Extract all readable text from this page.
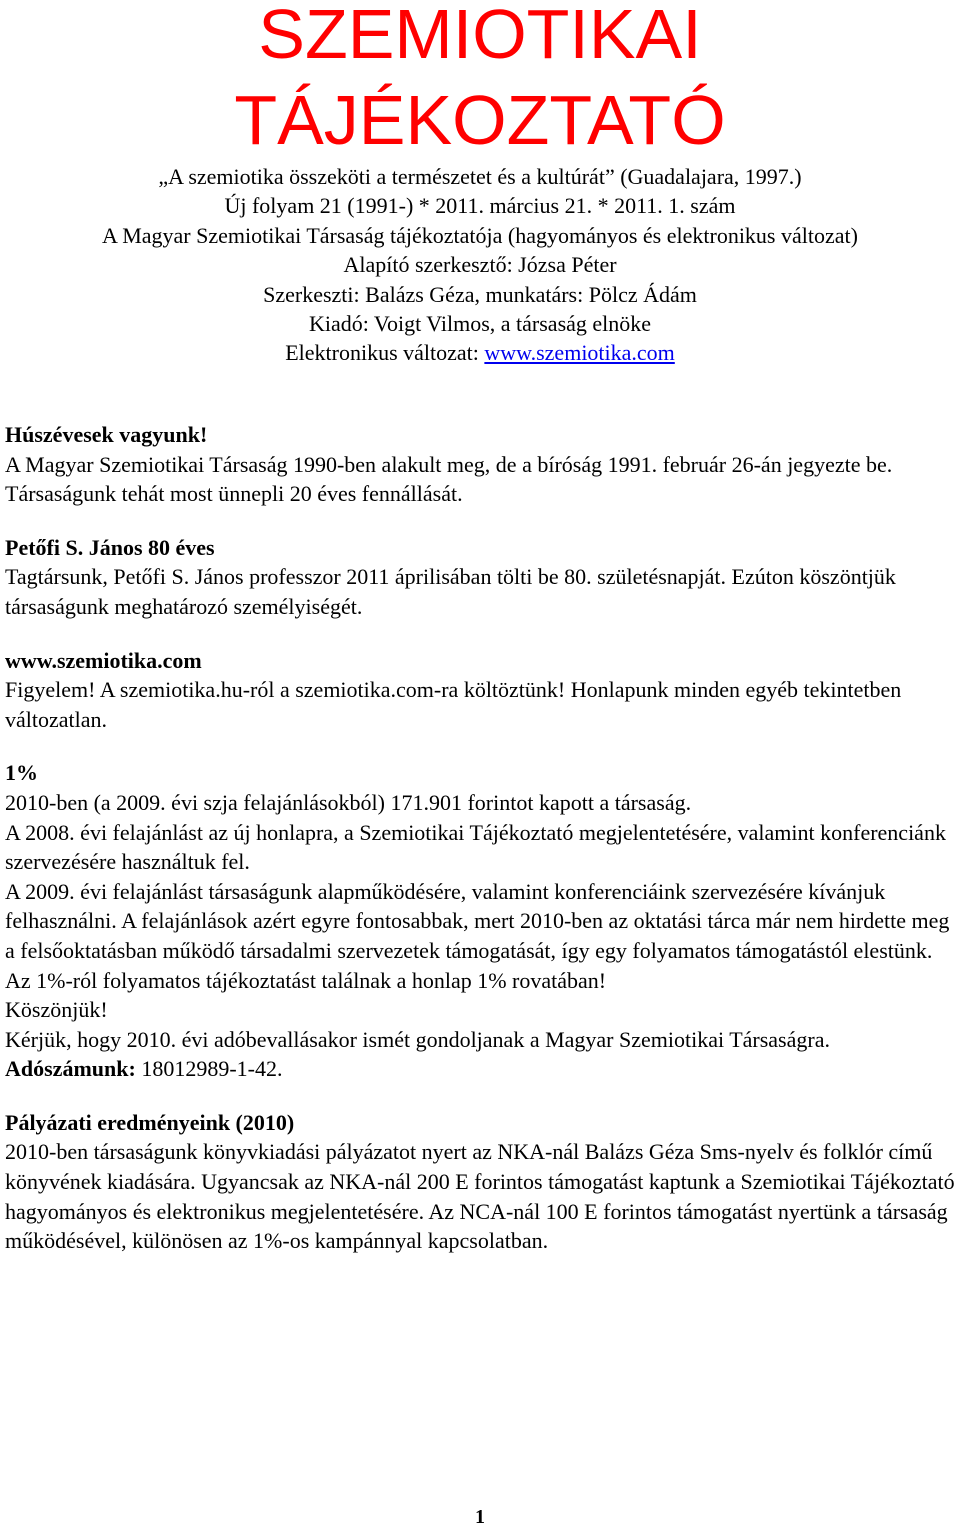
SZEMIOTIKAI
TÁJÉKOZTATÓ
„A szemiotika összeköti a természetet és a kultúrát” (Guadalajara, 1997.)
Új folyam 21 (1991-) * 2011. március 21. * 2011. 1. szám
A Magyar Szemiotikai Társaság tájékoztatója (hagyományos és elektronikus változat)
Alapító szerkesztő: Józsa Péter
Szerkeszti: Balázs Géza, munkatárs: Pölcz Ádám
Kiadó: Voigt Vilmos, a társaság elnöke
Elektronikus változat: www.szemiotika.com
Húszévesek vagyunk!

A Magyar Szemiotikai Társaság 1990-ben alakult meg, de a bíróság 1991. február 26-án jegyezte be. Társaságunk tehát most ünnepli 20 éves fennállását.

Petőfi S. János 80 éves

Tagtársunk, Petőfi S. János professzor 2011 áprilisában tölti be 80. születésnapját. Ezúton köszöntjük társaságunk meghatározó személyiségét.

www.szemiotika.com

Figyelem! A szemiotika.hu-ról a szemiotika.com-ra költöztünk! Honlapunk minden egyéb tekintetben változatlan.

1%

2010-ben (a 2009. évi szja felajánlásokból) 171.901 forintot kapott a társaság.

A 2008. évi felajánlást az új honlapra, a Szemiotikai Tájékoztató megjelentetésére, valamint konferenciánk szervezésére használtuk fel.

A 2009. évi felajánlást társaságunk alapműködésére, valamint konferenciáink szervezésére kívánjuk felhasználni. A felajánlások azért egyre fontosabbak, mert 2010-ben az oktatási tárca már nem hirdette meg a felsőoktatásban működő társadalmi szervezetek támogatását, így egy folyamatos támogatástól elestünk.

Az 1%-ról folyamatos tájékoztatást találnak a honlap 1% rovatában!

Köszönjük!

Kérjük, hogy 2010. évi adóbevallásakor ismét gondoljanak a Magyar Szemiotikai Társaságra.

Adószámunk: 18012989-1-42.

Pályázati eredményeink (2010)

2010-ben társaságunk könyvkiadási pályázatot nyert az NKA-nál Balázs Géza Sms-nyelv és folklór című könyvének kiadására. Ugyancsak az NKA-nál 200 E forintos támogatást kaptunk a Szemiotikai Tájékoztató hagyományos és elektronikus megjelentetésére. Az NCA-nál 100 E forintos támogatást nyertünk a társaság működésével, különösen az 1%-os kampánnyal kapcsolatban.

1
